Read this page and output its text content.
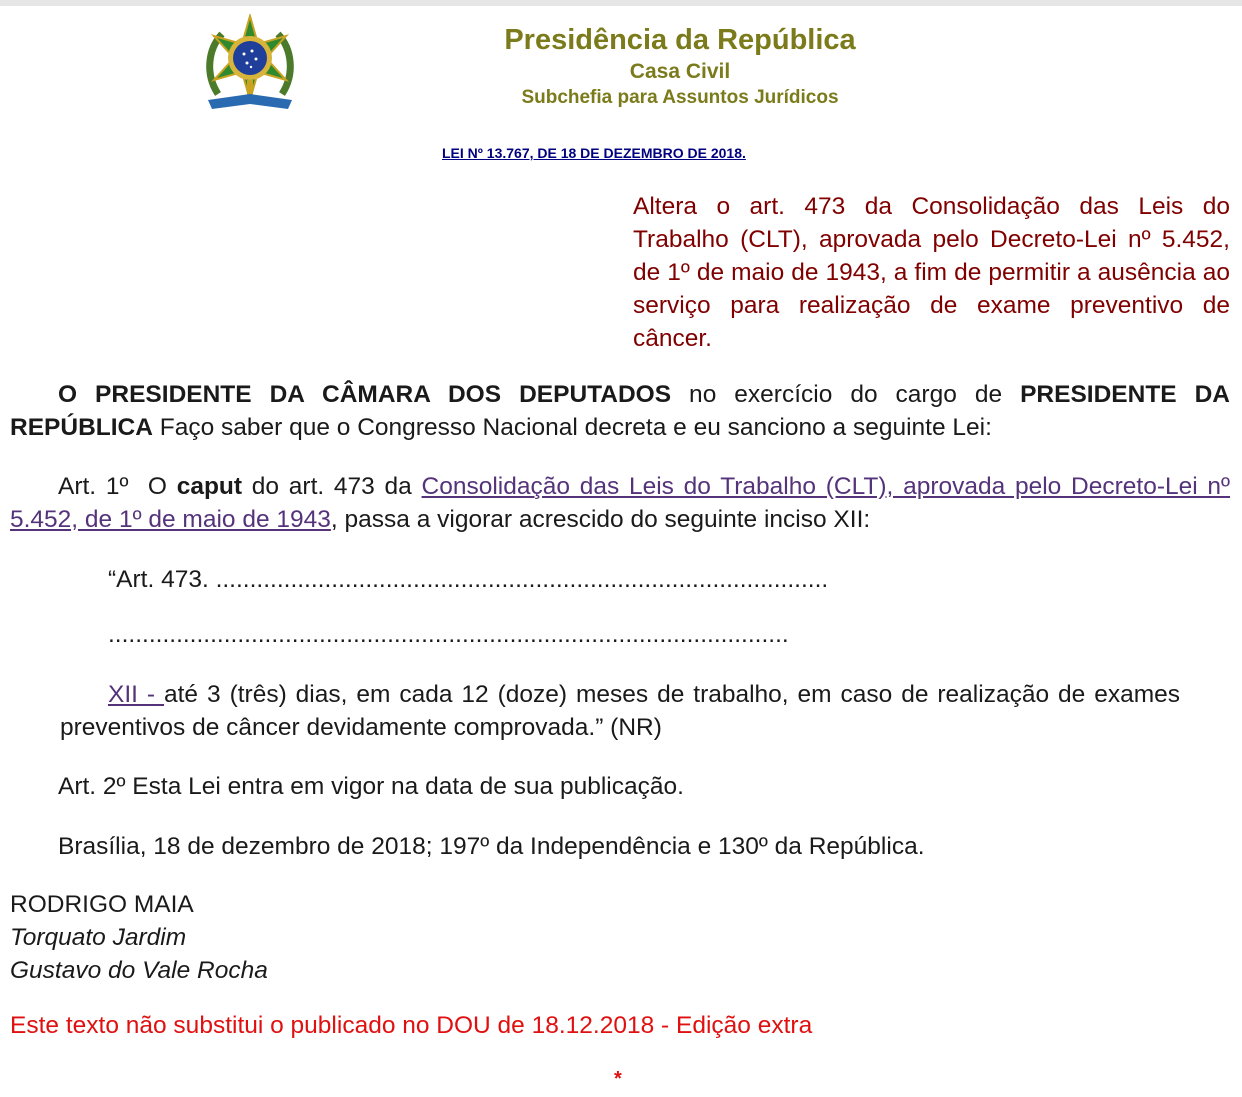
Presidência da República
Casa Civil
Subchefia para Assuntos Jurídicos
LEI Nº 13.767, DE 18 DE DEZEMBRO DE 2018.
Altera o art. 473 da Consolidação das Leis do Trabalho (CLT), aprovada pelo Decreto-Lei nº 5.452, de 1º de maio de 1943, a fim de permitir a ausência ao serviço para realização de exame preventivo de câncer.
O PRESIDENTE DA CÂMARA DOS DEPUTADOS no exercício do cargo de PRESIDENTE DA REPÚBLICA Faço saber que o Congresso Nacional decreta e eu sanciono a seguinte Lei:
Art. 1º  O caput do art. 473 da Consolidação das Leis do Trabalho (CLT), aprovada pelo Decreto-Lei nº 5.452, de 1º de maio de 1943, passa a vigorar acrescido do seguinte inciso XII:
“Art. 473. ..........................................................................................
....................................................................................................
XII - até 3 (três) dias, em cada 12 (doze) meses de trabalho, em caso de realização de exames preventivos de câncer devidamente comprovada.” (NR)
Art. 2º Esta Lei entra em vigor na data de sua publicação.
Brasília, 18 de dezembro de 2018; 197º da Independência e 130º da República.
RODRIGO MAIA
Torquato Jardim
Gustavo do Vale Rocha
Este texto não substitui o publicado no DOU de 18.12.2018 - Edição extra
*
